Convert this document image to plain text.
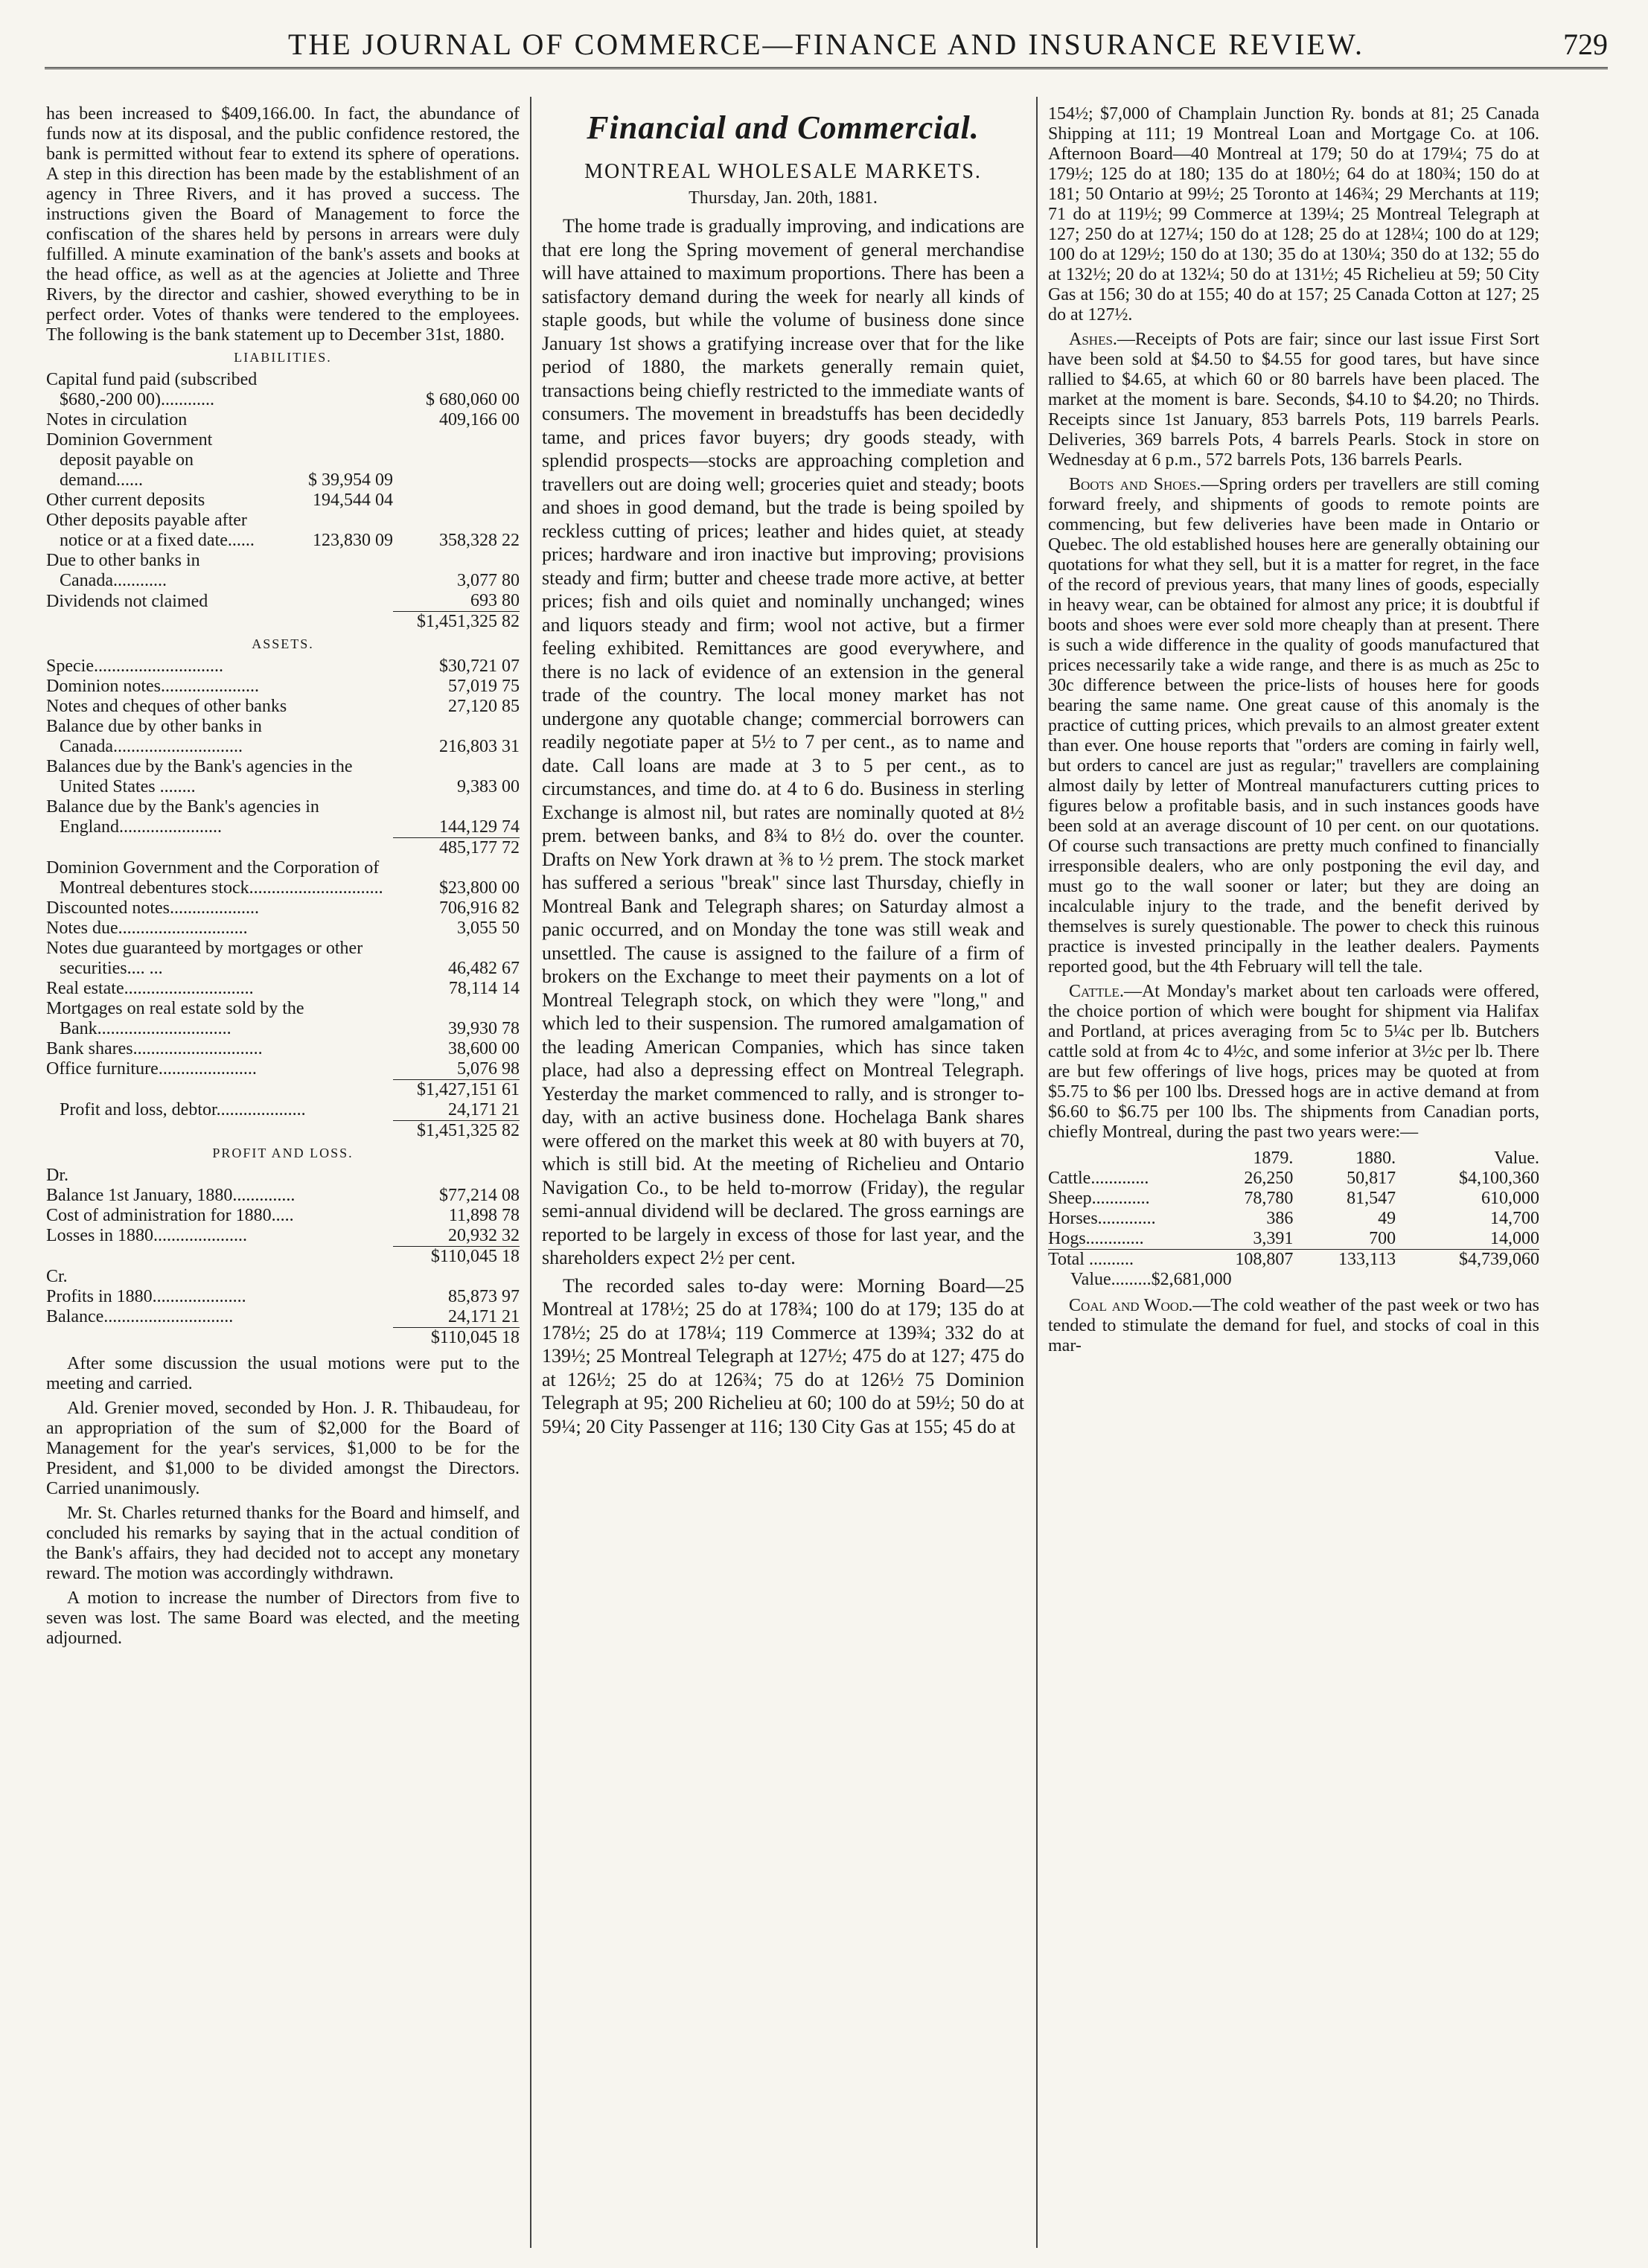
THE JOURNAL OF COMMERCE—FINANCE AND INSURANCE REVIEW.	729

has been increased to $409,166.00. In fact, the abundance of funds now at its disposal, and the public confidence restored, the bank is permitted without fear to extend its sphere of operations. A step in this direction has been made by the establishment of an agency in Three Rivers, and it has proved a success. The instructions given the Board of Management to force the confiscation of the shares held by persons in arrears were duly fulfilled. A minute examination of the bank's assets and books at the head office, as well as at the agencies at Joliette and Three Rivers, by the director and cashier, showed everything to be in perfect order. Votes of thanks were tendered to the employees. The following is the bank statement up to December 31st, 1880.

LIABILITIES.
Capital fund paid (subscribed $680,-200 00)............		$ 680,060 00
Notes in circulation		409,166 00
Dominion Government deposit payable on demand......	$ 39,954 09	
Other current deposits	194,544 04	
Other deposits payable after notice or at a fixed date......	123,830 09	358,328 22
Due to other banks in Canada............		3,077 80
Dividends not claimed		693 80
		$1,451,325 82
ASSETS.
Specie.............................	$30,721 07
Dominion notes......................	57,019 75
Notes and cheques of other banks	27,120 85
Balance due by other banks in Canada.............................	216,803 31
Balances due by the Bank's agencies in the United States ........	9,383 00
Balance due by the Bank's agencies in England.......................	144,129 74
	485,177 72
Dominion Government and the Corporation of Montreal debentures stock..............................	$23,800 00
Discounted notes....................	706,916 82
Notes due.............................	3,055 50
Notes due guaranteed by mortgages or other securities.... ...	46,482 67
Real estate.............................	78,114 14
Mortgages on real estate sold by the Bank..............................	39,930 78
Bank shares.............................	38,600 00
Office furniture......................	5,076 98
	$1,427,151 61
Profit and loss, debtor....................	24,171 21
	$1,451,325 82
PROFIT AND LOSS.
Dr.	
Balance 1st January, 1880..............	$77,214 08
Cost of administration for 1880.....	11,898 78
Losses in 1880.....................	20,932 32
	$110,045 18
Cr.	
Profits in 1880.....................	85,873 97
Balance.............................	24,171 21
	$110,045 18

After some discussion the usual motions were put to the meeting and carried.

Ald. Grenier moved, seconded by Hon. J. R. Thibaudeau, for an appropriation of the sum of $2,000 for the Board of Management for the year's services, $1,000 to be for the President, and $1,000 to be divided amongst the Directors. Carried unanimously.

Mr. St. Charles returned thanks for the Board and himself, and concluded his remarks by saying that in the actual condition of the Bank's affairs, they had decided not to accept any monetary reward. The motion was accordingly withdrawn.

A motion to increase the number of Directors from five to seven was lost. The same Board was elected, and the meeting adjourned.

Financial and Commercial.
MONTREAL WHOLESALE MARKETS.
Thursday, Jan. 20th, 1881.

The home trade is gradually improving, and indications are that ere long the Spring movement of general merchandise will have attained to maximum proportions. There has been a satisfactory demand during the week for nearly all kinds of staple goods, but while the volume of business done since January 1st shows a gratifying increase over that for the like period of 1880, the markets generally remain quiet, transactions being chiefly restricted to the immediate wants of consumers. The movement in breadstuffs has been decidedly tame, and prices favor buyers; dry goods steady, with splendid prospects—stocks are approaching completion and travellers out are doing well; groceries quiet and steady; boots and shoes in good demand, but the trade is being spoiled by reckless cutting of prices; leather and hides quiet, at steady prices; hardware and iron inactive but improving; provisions steady and firm; butter and cheese trade more active, at better prices; fish and oils quiet and nominally unchanged; wines and liquors steady and firm; wool not active, but a firmer feeling exhibited. Remittances are good everywhere, and there is no lack of evidence of an extension in the general trade of the country. The local money market has not undergone any quotable change; commercial borrowers can readily negotiate paper at 5½ to 7 per cent., as to name and date. Call loans are made at 3 to 5 per cent., as to circumstances, and time do. at 4 to 6 do. Business in sterling Exchange is almost nil, but rates are nominally quoted at 8½ prem. between banks, and 8¾ to 8½ do. over the counter. Drafts on New York drawn at ⅜ to ½ prem. The stock market has suffered a serious "break" since last Thursday, chiefly in Montreal Bank and Telegraph shares; on Saturday almost a panic occurred, and on Monday the tone was still weak and unsettled. The cause is assigned to the failure of a firm of brokers on the Exchange to meet their payments on a lot of Montreal Telegraph stock, on which they were "long," and which led to their suspension. The rumored amalgamation of the leading American Companies, which has since taken place, had also a depressing effect on Montreal Telegraph. Yesterday the market commenced to rally, and is stronger to-day, with an active business done. Hochelaga Bank shares were offered on the market this week at 80 with buyers at 70, which is still bid. At the meeting of Richelieu and Ontario Navigation Co., to be held to-morrow (Friday), the regular semi-annual dividend will be declared. The gross earnings are reported to be largely in excess of those for last year, and the shareholders expect 2½ per cent.

The recorded sales to-day were: Morning Board—25 Montreal at 178½; 25 do at 178¾; 100 do at 179; 135 do at 178½; 25 do at 178¼; 119 Commerce at 139¾; 332 do at 139½; 25 Montreal Telegraph at 127½; 475 do at 127; 475 do at 126½; 25 do at 126¾; 75 do at 126½ 75 Dominion Telegraph at 95; 200 Richelieu at 60; 100 do at 59½; 50 do at 59¼; 20 City Passenger at 116; 130 City Gas at 155; 45 do at

154½; $7,000 of Champlain Junction Ry. bonds at 81; 25 Canada Shipping at 111; 19 Montreal Loan and Mortgage Co. at 106. Afternoon Board—40 Montreal at 179; 50 do at 179¼; 75 do at 179½; 125 do at 180; 135 do at 180½; 64 do at 180¾; 150 do at 181; 50 Ontario at 99½; 25 Toronto at 146¾; 29 Merchants at 119; 71 do at 119½; 99 Commerce at 139¼; 25 Montreal Telegraph at 127; 250 do at 127¼; 150 do at 128; 25 do at 128¼; 100 do at 129; 100 do at 129½; 150 do at 130; 35 do at 130¼; 350 do at 132; 55 do at 132½; 20 do at 132¼; 50 do at 131½; 45 Richelieu at 59; 50 City Gas at 156; 30 do at 155; 40 do at 157; 25 Canada Cotton at 127; 25 do at 127½.

Ashes.—Receipts of Pots are fair; since our last issue First Sort have been sold at $4.50 to $4.55 for good tares, but have since rallied to $4.65, at which 60 or 80 barrels have been placed. The market at the moment is bare. Seconds, $4.10 to $4.20; no Thirds. Receipts since 1st January, 853 barrels Pots, 119 barrels Pearls. Deliveries, 369 barrels Pots, 4 barrels Pearls. Stock in store on Wednesday at 6 p.m., 572 barrels Pots, 136 barrels Pearls.

Boots and Shoes.—Spring orders per travellers are still coming forward freely, and shipments of goods to remote points are commencing, but few deliveries have been made in Ontario or Quebec. The old established houses here are generally obtaining our quotations for what they sell, but it is a matter for regret, in the face of the record of previous years, that many lines of goods, especially in heavy wear, can be obtained for almost any price; it is doubtful if boots and shoes were ever sold more cheaply than at present. There is such a wide difference in the quality of goods manufactured that prices necessarily take a wide range, and there is as much as 25c to 30c difference between the price-lists of houses here for goods bearing the same name. One great cause of this anomaly is the practice of cutting prices, which prevails to an almost greater extent than ever. One house reports that "orders are coming in fairly well, but orders to cancel are just as regular;" travellers are complaining almost daily by letter of Montreal manufacturers cutting prices to figures below a profitable basis, and in such instances goods have been sold at an average discount of 10 per cent. on our quotations. Of course such transactions are pretty much confined to financially irresponsible dealers, who are only postponing the evil day, and must go to the wall sooner or later; but they are doing an incalculable injury to the trade, and the benefit derived by themselves is surely questionable. The power to check this ruinous practice is invested principally in the leather dealers. Payments reported good, but the 4th February will tell the tale.

Cattle.—At Monday's market about ten carloads were offered, the choice portion of which were bought for shipment via Halifax and Portland, at prices averaging from 5c to 5¼c per lb. Butchers cattle sold at from 4c to 4½c, and some inferior at 3½c per lb. There are but few offerings of live hogs, prices may be quoted at from $5.75 to $6 per 100 lbs. Dressed hogs are in active demand at from $6.60 to $6.75 per 100 lbs. The shipments from Canadian ports, chiefly Montreal, during the past two years were:—

	1879.	1880.	Value.
Cattle.............	26,250	50,817	$4,100,360
Sheep.............	78,780	81,547	610,000
Horses.............	386	49	14,700
Hogs.............	3,391	700	14,000
Total ..........	108,807	133,113	$4,739,060
Value.........$2,681,000			

Coal and Wood.—The cold weather of the past week or two has tended to stimulate the demand for fuel, and stocks of coal in this mar-
